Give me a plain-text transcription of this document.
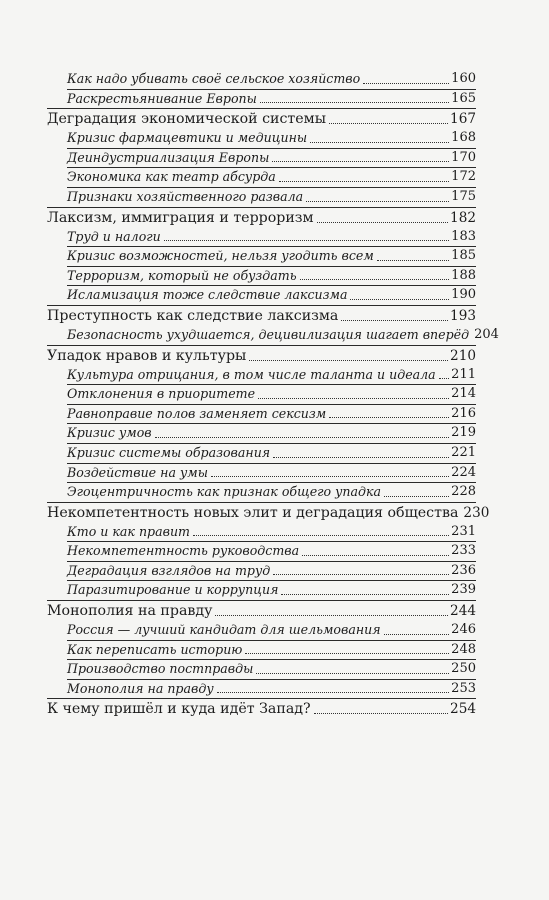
Как надо убивать своё сельское хозяйство	160
Раскрестьянивание Европы	165
Деградация экономической системы	167
Кризис фармацевтики и медицины	168
Деиндустриализация Европы	170
Экономика как театр абсурда	172
Признаки хозяйственного развала	175
Лаксизм, иммиграция и терроризм	182
Труд и налоги	183
Кризис возможностей, нельзя угодить всем	185
Терроризм, который не обуздать	188
Исламизация тоже следствие лаксизма	190
Преступность как следствие лаксизма	193
Безопасность ухудшается, децивилизация шагает вперёд 204
Упадок нравов и культуры	210
Культура отрицания, в том числе таланта и идеала 211
Отклонения в приоритете	214
Равноправие полов заменяет сексизм	216
Кризис умов	219
Кризис системы образования	221
Воздействие на умы	224
Эгоцентричность как признак общего упадка	228
Некомпетентность новых элит и деградация общества 230
Кто и как правит	231
Некомпетентность руководства	233
Деградация взглядов на труд	236
Паразитирование и коррупция	239
Монополия на правду	244
Россия — лучший кандидат для шельмования	246
Как переписать историю	248
Производство постправды	250
Монополия на правду	253
К чему пришёл и куда идёт Запад?	254
